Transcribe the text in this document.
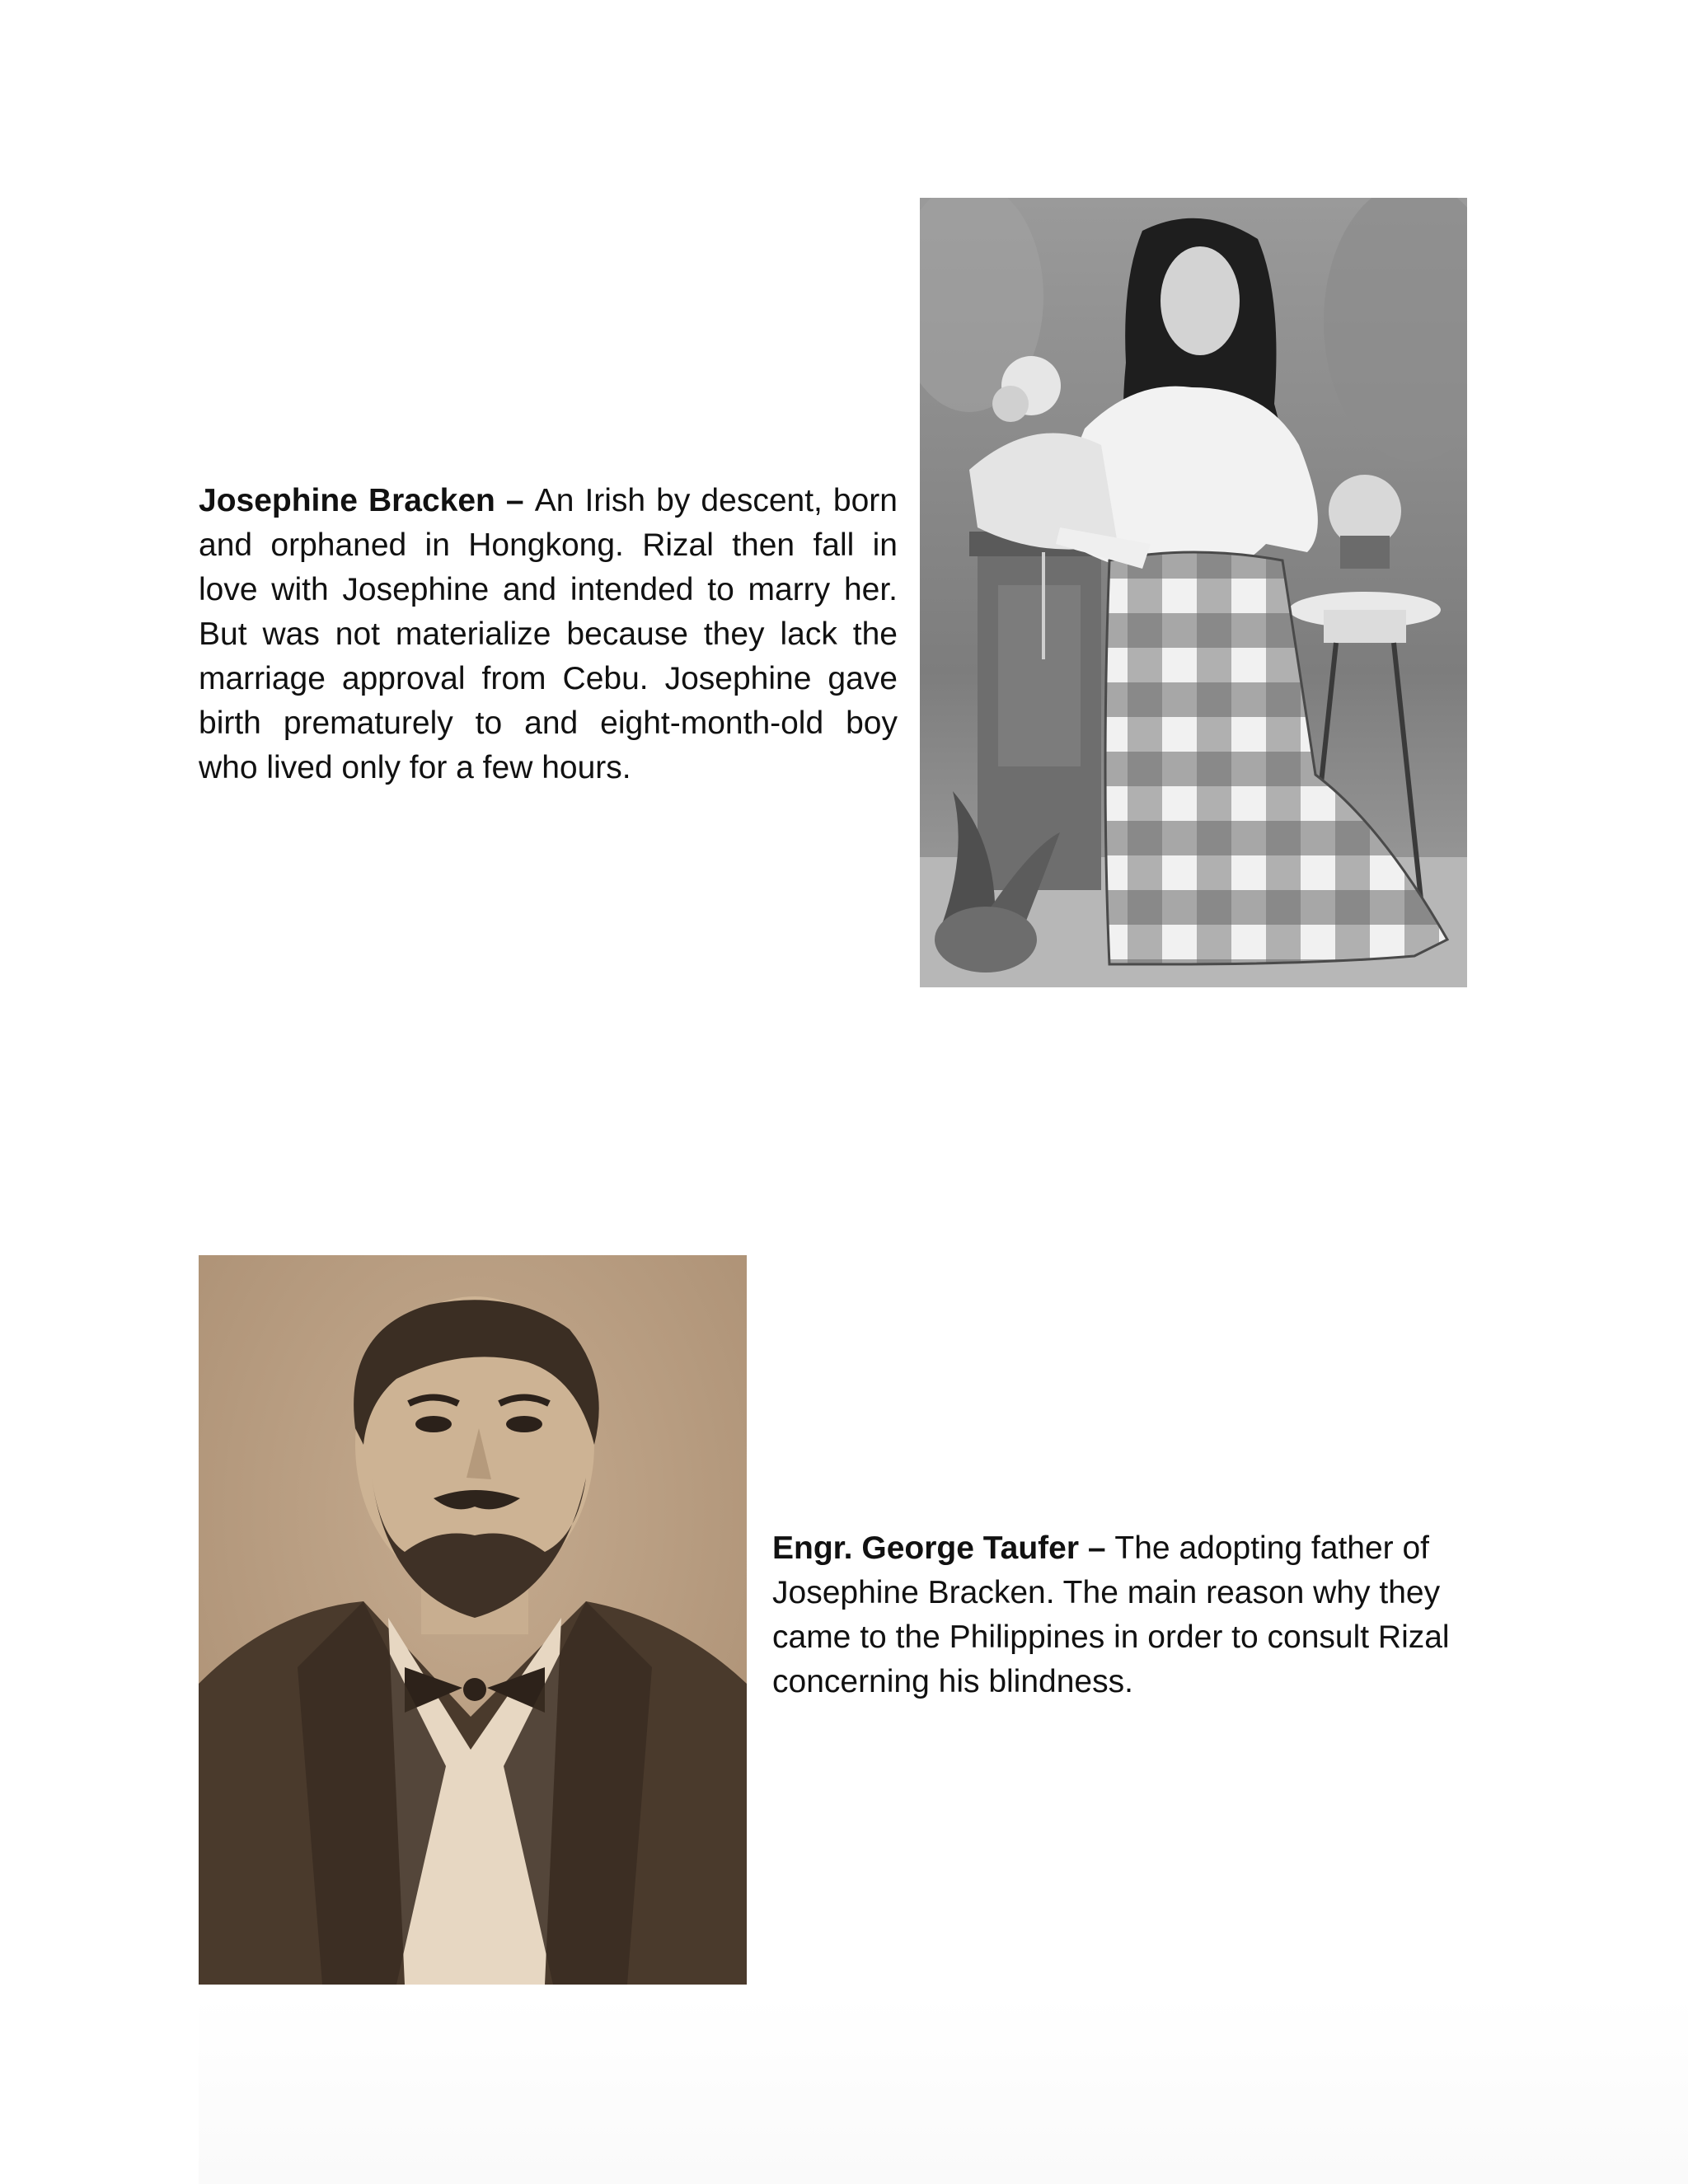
Josephine Bracken – An Irish by descent, born and orphaned in Hongkong. Rizal then fall in love with Josephine and intended to marry her. But was not materialize because they lack the marriage approval from Cebu. Josephine gave birth prematurely to and eight-month-old boy who lived only for a few hours.

Engr. George Taufer – The adopting father of Josephine Bracken. The main reason why they came to the Philippines in order to consult Rizal concerning his blindness.
